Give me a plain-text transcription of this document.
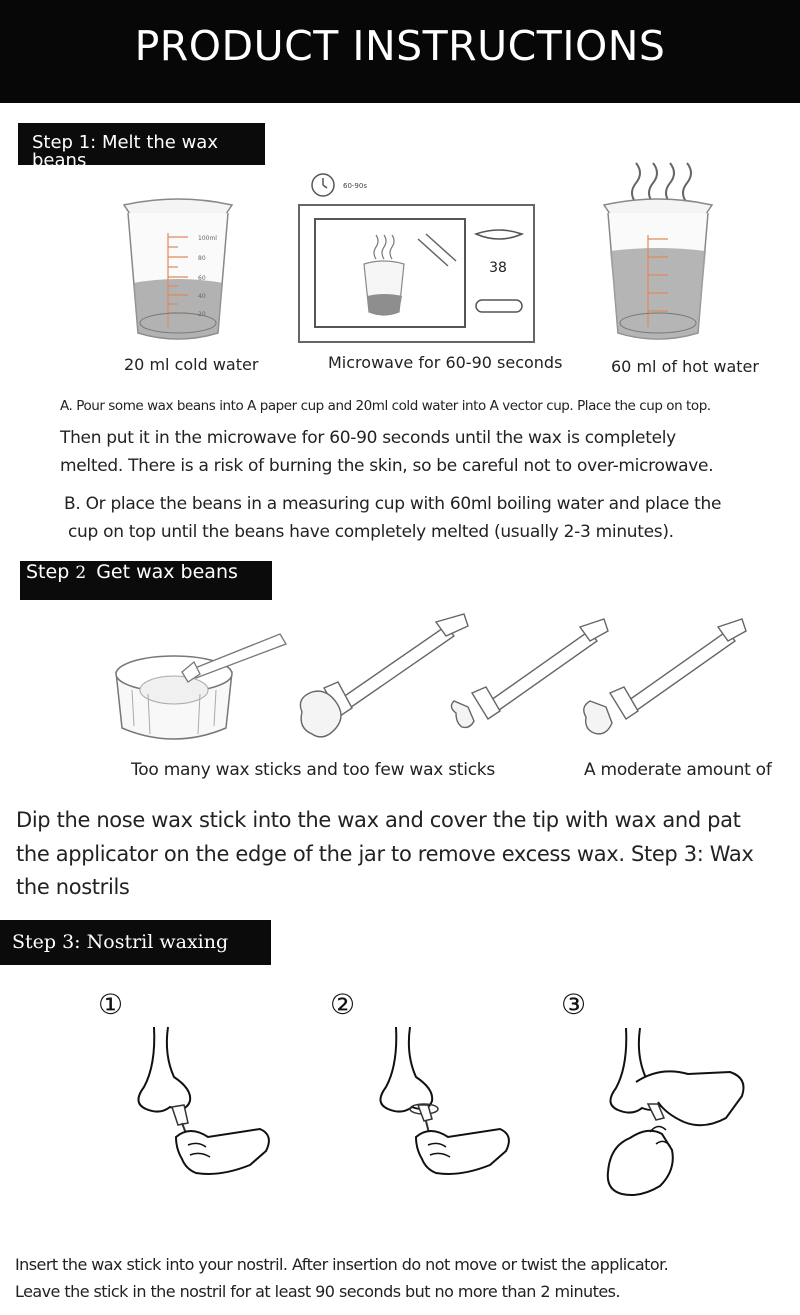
PRODUCT INSTRUCTIONS
Step 1: Melt the wax beans
100ml
80
60
40
20
60-90s
38
20 ml cold water	Microwave for 60-90 seconds	60 ml of hot water
A. Pour some wax beans into A paper cup and 20ml cold water into A vector cup. Place the cup on top.
Then put it in the microwave for 60-90 seconds until the wax is completely
melted. There is a risk of burning the skin, so be careful not to over-microwave.
B. Or place the beans in a measuring cup with 60ml boiling water and place the
cup on top until the beans have completely melted (usually 2-3 minutes).
Step 2 Get wax beans
Too many wax sticks and too few wax sticks	A moderate amount of
Dip the nose wax stick into the wax and cover the tip with wax and pat
the applicator on the edge of the jar to remove excess wax. Step 3: Wax
the nostrils
Step 3: Nostril waxing
①	②	③
Insert the wax stick into your nostril. After insertion do not move or twist the applicator.
Leave the stick in the nostril for at least 90 seconds but no more than 2 minutes.
